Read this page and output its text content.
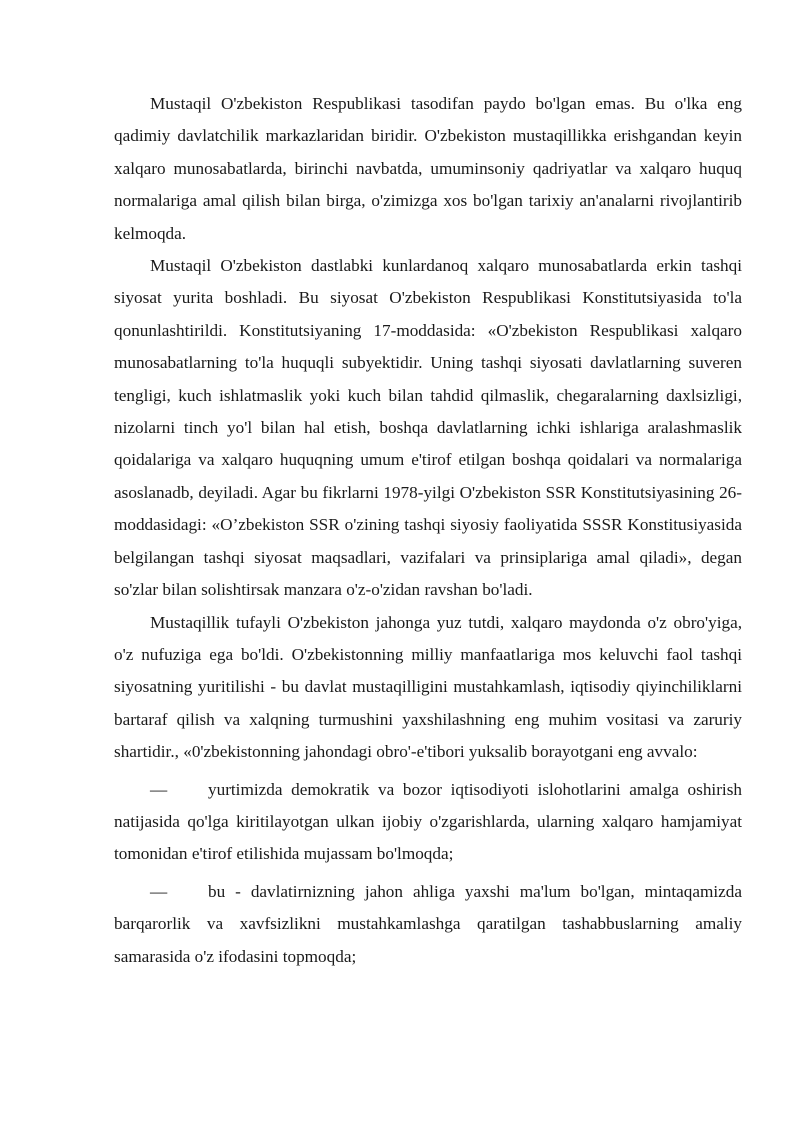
Mustaqil O'zbekiston Respublikasi tasodifan paydo bo'lgan emas. Bu o'lka eng qadimiy davlatchilik markazlaridan biridir. O'zbekiston mustaqillikka erishgandan keyin xalqaro munosabatlarda, birinchi navbatda, umuminsoniy qadriyatlar va xalqaro huquq normalariga amal qilish bilan birga, o'zimizga xos bo'lgan tarixiy an'analarni rivojlantirib kelmoqda.

Mustaqil O'zbekiston dastlabki kunlardanoq xalqaro munosabatlarda erkin tashqi siyosat yurita boshladi. Bu siyosat O'zbekiston Respublikasi Konstitutsiyasida to'la qonunlashtirildi. Konstitutsiyaning 17-moddasida: «O'zbekiston Respublikasi xalqaro munosabatlarning to'la huquqli subyektidir. Uning tashqi siyosati davlatlarning suveren tengligi, kuch ishlatmaslik yoki kuch bilan tahdid qilmaslik, chegaralarning daxlsizligi, nizolarni tinch yo'l bilan hal etish, boshqa davlatlarning ichki ishlariga aralashmaslik qoidalariga va xalqaro huquqning umum e'tirof etilgan boshqa qoidalari va normalariga asoslanadb, deyiladi. Agar bu fikrlarni 1978-yilgi O'zbekiston SSR Konstitutsiyasining 26-moddasidagi: «O’zbekiston SSR o'zining tashqi siyosiy faoliyatida SSSR Konstitusiyasida belgilangan tashqi siyosat maqsadlari, vazifalari va prinsiplariga amal qiladi», degan so'zlar bilan solishtirsak manzara o'z-o'zidan ravshan bo'ladi.

Mustaqillik tufayli O'zbekiston jahonga yuz tutdi, xalqaro maydonda o'z obro'yiga, o'z nufuziga ega bo'ldi. O'zbekistonning milliy manfaatlariga mos keluvchi faol tashqi siyosatning yuritilishi - bu davlat mustaqilligini mustahkamlash, iqtisodiy qiyinchiliklarni bartaraf qilish va xalqning turmushini yaxshilashning eng muhim vositasi va zaruriy shartidir., «0'zbekistonning jahondagi obro'-e'tibori yuksalib borayotgani eng avvalo:

— yurtimizda demokratik va bozor iqtisodiyoti islohotlarini amalga oshirish natijasida qo'lga kiritilayotgan ulkan ijobiy o'zgarishlarda, ularning xalqaro hamjamiyat tomonidan e'tirof etilishida mujassam bo'lmoqda;

— bu - davlatirnizning jahon ahliga yaxshi ma'lum bo'lgan, mintaqamizda barqarorlik va xavfsizlikni mustahkamlashga qaratilgan tashabbuslarning amaliy samarasida o'z ifodasini topmoqda;
